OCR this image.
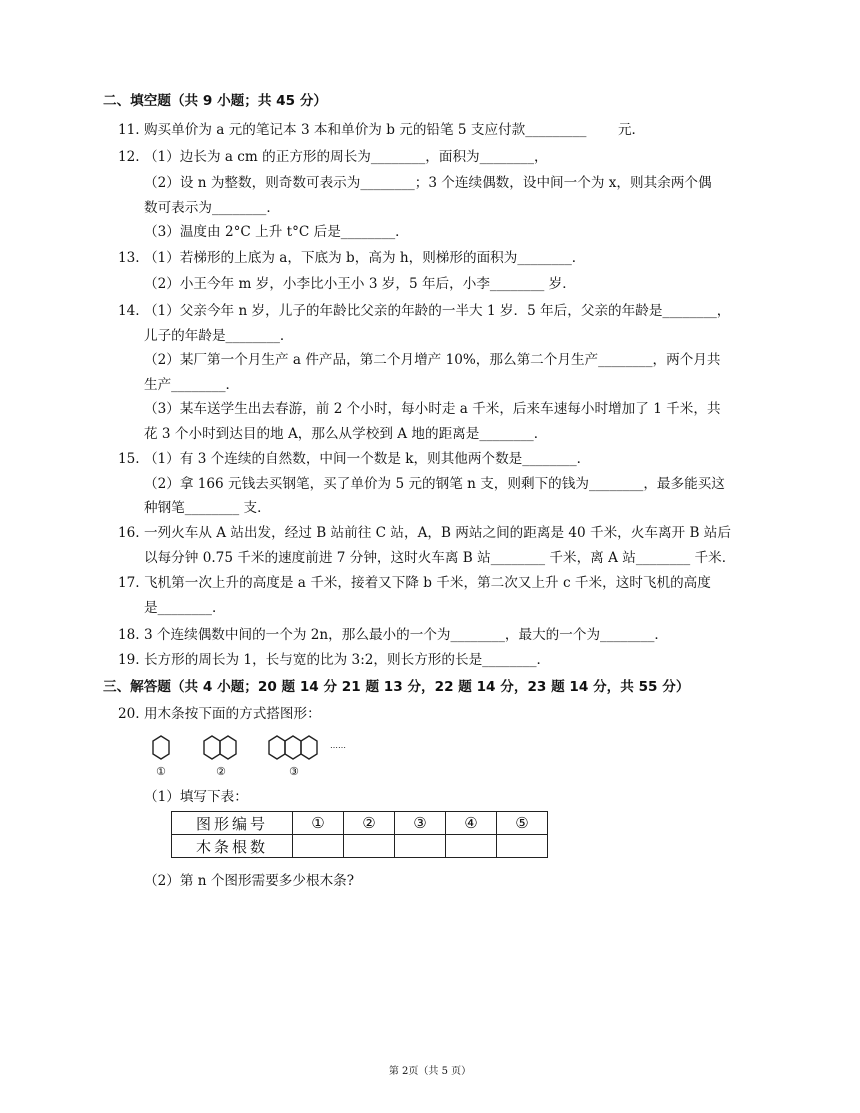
二、填空题（共 9 小题；共 45 分）
11. 购买单价为 a 元的笔记本 3 本和单价为 b 元的铅笔 5 支应付款_________　　 元．
12. （1）边长为 a cm 的正方形的周长为________，面积为________，
（2）设 n 为整数，则奇数可表示为________；3 个连续偶数，设中间一个为 x，则其余两个偶
数可表示为________．
（3）温度由 2°C 上升 t°C 后是________．
13. （1）若梯形的上底为 a，下底为 b，高为 h，则梯形的面积为________．
（2）小王今年 m 岁，小李比小王小 3 岁，5 年后，小李________ 岁．
14. （1）父亲今年 n 岁，儿子的年龄比父亲的年龄的一半大 1 岁．5 年后，父亲的年龄是________，
儿子的年龄是________．
（2）某厂第一个月生产 a 件产品，第二个月增产 10%，那么第二个月生产________，两个月共
生产________．
（3）某车送学生出去春游，前 2 个小时，每小时走 a 千米，后来车速每小时增加了 1 千米，共
花 3 个小时到达目的地 A，那么从学校到 A 地的距离是________．
15. （1）有 3 个连续的自然数，中间一个数是 k，则其他两个数是________．
（2）拿 166 元钱去买钢笔，买了单价为 5 元的钢笔 n 支，则剩下的钱为________，最多能买这
种钢笔________ 支．
16. 一列火车从 A 站出发，经过 B 站前往 C 站，A，B 两站之间的距离是 40 千米，火车离开 B 站后
以每分钟 0.75 千米的速度前进 7 分钟，这时火车离 B 站________ 千米，离 A 站________ 千米．
17. 飞机第一次上升的高度是 a 千米，接着又下降 b 千米，第二次又上升 c 千米，这时飞机的高度
是________．
18. 3 个连续偶数中间的一个为 2n，那么最小的一个为________，最大的一个为________．
19. 长方形的周长为 1，长与宽的比为 3:2，则长方形的长是________．
三、解答题（共 4 小题；20 题 14 分 21 题 13 分，22 题 14 分，23 题 14 分，共 55 分）
20. 用木条按下面的方式搭图形：
①	②	③
……
（1）填写下表：
图形编号	①	②	③	④	⑤
木条根数					
（2）第 n 个图形需要多少根木条?
第 2页（共 5 页）
